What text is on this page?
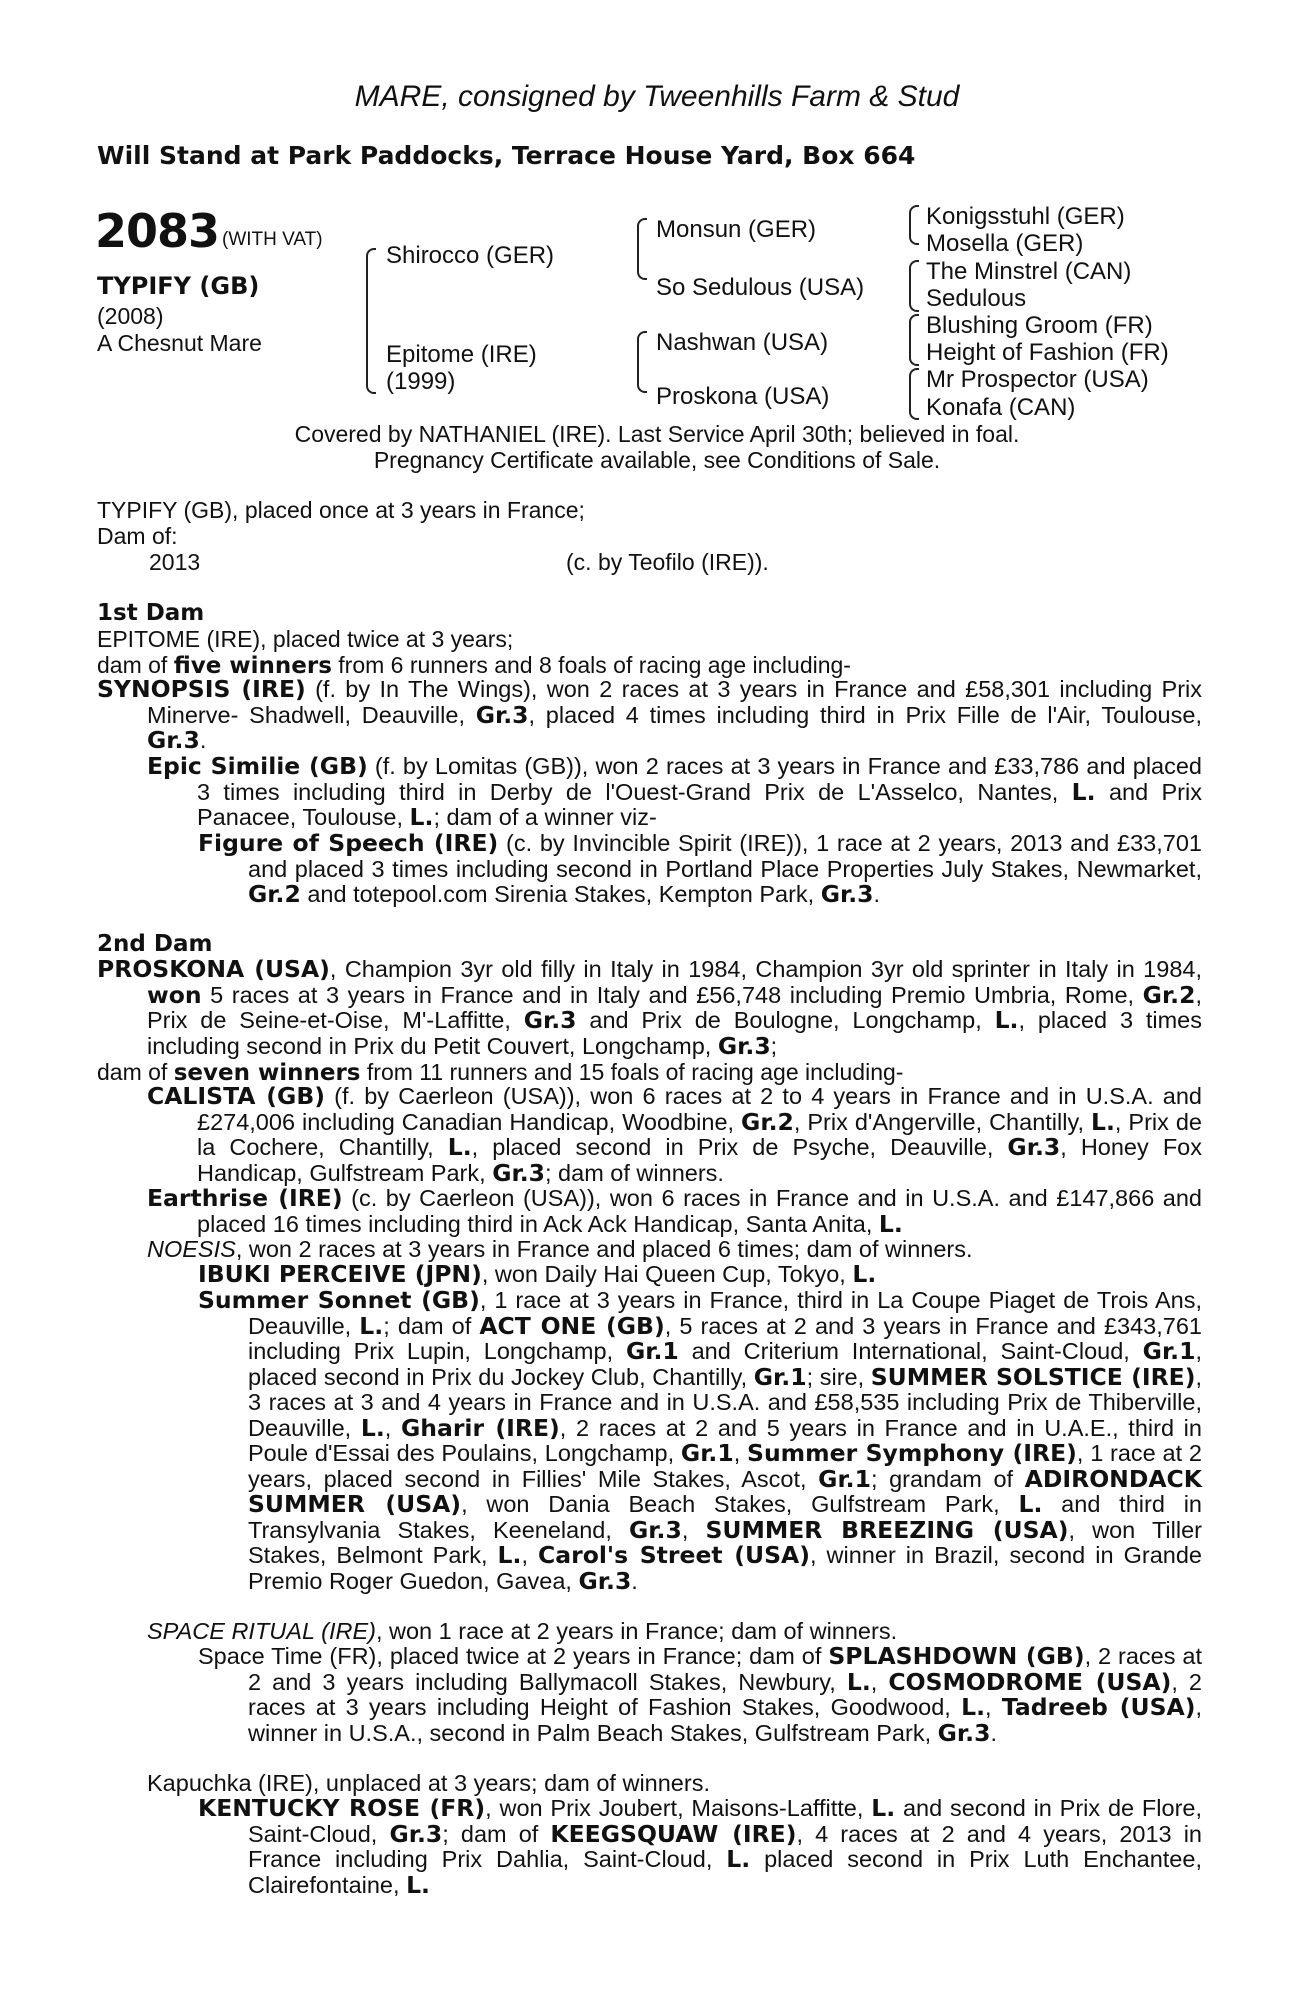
MARE, consigned by Tweenhills Farm & Stud
Will Stand at Park Paddocks, Terrace House Yard, Box 664
2083 (WITH VAT)
TYPIFY (GB)
(2008)
A Chesnut Mare
Shirocco (GER)
Epitome (IRE)
(1999)
Monsun (GER)
So Sedulous (USA)
Nashwan (USA)
Proskona (USA)
Konigsstuhl (GER)
Mosella (GER)
The Minstrel (CAN)
Sedulous
Blushing Groom (FR)
Height of Fashion (FR)
Mr Prospector (USA)
Konafa (CAN)
Covered by NATHANIEL (IRE). Last Service April 30th; believed in foal.
Pregnancy Certificate available, see Conditions of Sale.
TYPIFY (GB), placed once at 3 years in France;
Dam of:
2013	(c. by Teofilo (IRE)).
1st Dam
EPITOME (IRE), placed twice at 3 years;
dam of five winners from 6 runners and 8 foals of racing age including-
SYNOPSIS (IRE) (f. by In The Wings), won 2 races at 3 years in France and £58,301 including Prix Minerve- Shadwell, Deauville, Gr.3, placed 4 times including third in Prix Fille de l'Air, Toulouse, Gr.3.
Epic Similie (GB) (f. by Lomitas (GB)), won 2 races at 3 years in France and £33,786 and placed 3 times including third in Derby de l'Ouest-Grand Prix de L'Asselco, Nantes, L. and Prix Panacee, Toulouse, L.; dam of a winner viz-
Figure of Speech (IRE) (c. by Invincible Spirit (IRE)), 1 race at 2 years, 2013 and £33,701 and placed 3 times including second in Portland Place Properties July Stakes, Newmarket, Gr.2 and totepool.com Sirenia Stakes, Kempton Park, Gr.3.
2nd Dam
PROSKONA (USA), Champion 3yr old filly in Italy in 1984, Champion 3yr old sprinter in Italy in 1984, won 5 races at 3 years in France and in Italy and £56,748 including Premio Umbria, Rome, Gr.2, Prix de Seine-et-Oise, M'-Laffitte, Gr.3 and Prix de Boulogne, Longchamp, L., placed 3 times including second in Prix du Petit Couvert, Longchamp, Gr.3;
dam of seven winners from 11 runners and 15 foals of racing age including-
CALISTA (GB) (f. by Caerleon (USA)), won 6 races at 2 to 4 years in France and in U.S.A. and £274,006 including Canadian Handicap, Woodbine, Gr.2, Prix d'Angerville, Chantilly, L., Prix de la Cochere, Chantilly, L., placed second in Prix de Psyche, Deauville, Gr.3, Honey Fox Handicap, Gulfstream Park, Gr.3; dam of winners.
Earthrise (IRE) (c. by Caerleon (USA)), won 6 races in France and in U.S.A. and £147,866 and placed 16 times including third in Ack Ack Handicap, Santa Anita, L.
NOESIS, won 2 races at 3 years in France and placed 6 times; dam of winners.
IBUKI PERCEIVE (JPN), won Daily Hai Queen Cup, Tokyo, L.
Summer Sonnet (GB), 1 race at 3 years in France, third in La Coupe Piaget de Trois Ans, Deauville, L.; dam of ACT ONE (GB), 5 races at 2 and 3 years in France and £343,761 including Prix Lupin, Longchamp, Gr.1 and Criterium International, Saint-Cloud, Gr.1, placed second in Prix du Jockey Club, Chantilly, Gr.1; sire, SUMMER SOLSTICE (IRE), 3 races at 3 and 4 years in France and in U.S.A. and £58,535 including Prix de Thiberville, Deauville, L., Gharir (IRE), 2 races at 2 and 5 years in France and in U.A.E., third in Poule d'Essai des Poulains, Longchamp, Gr.1, Summer Symphony (IRE), 1 race at 2 years, placed second in Fillies' Mile Stakes, Ascot, Gr.1; grandam of ADIRONDACK SUMMER (USA), won Dania Beach Stakes, Gulfstream Park, L. and third in Transylvania Stakes, Keeneland, Gr.3, SUMMER BREEZING (USA), won Tiller Stakes, Belmont Park, L., Carol's Street (USA), winner in Brazil, second in Grande Premio Roger Guedon, Gavea, Gr.3.
SPACE RITUAL (IRE), won 1 race at 2 years in France; dam of winners.
Space Time (FR), placed twice at 2 years in France; dam of SPLASHDOWN (GB), 2 races at 2 and 3 years including Ballymacoll Stakes, Newbury, L., COSMODROME (USA), 2 races at 3 years including Height of Fashion Stakes, Goodwood, L., Tadreeb (USA), winner in U.S.A., second in Palm Beach Stakes, Gulfstream Park, Gr.3.
Kapuchka (IRE), unplaced at 3 years; dam of winners.
KENTUCKY ROSE (FR), won Prix Joubert, Maisons-Laffitte, L. and second in Prix de Flore, Saint-Cloud, Gr.3; dam of KEEGSQUAW (IRE), 4 races at 2 and 4 years, 2013 in France including Prix Dahlia, Saint-Cloud, L. placed second in Prix Luth Enchantee, Clairefontaine, L.
